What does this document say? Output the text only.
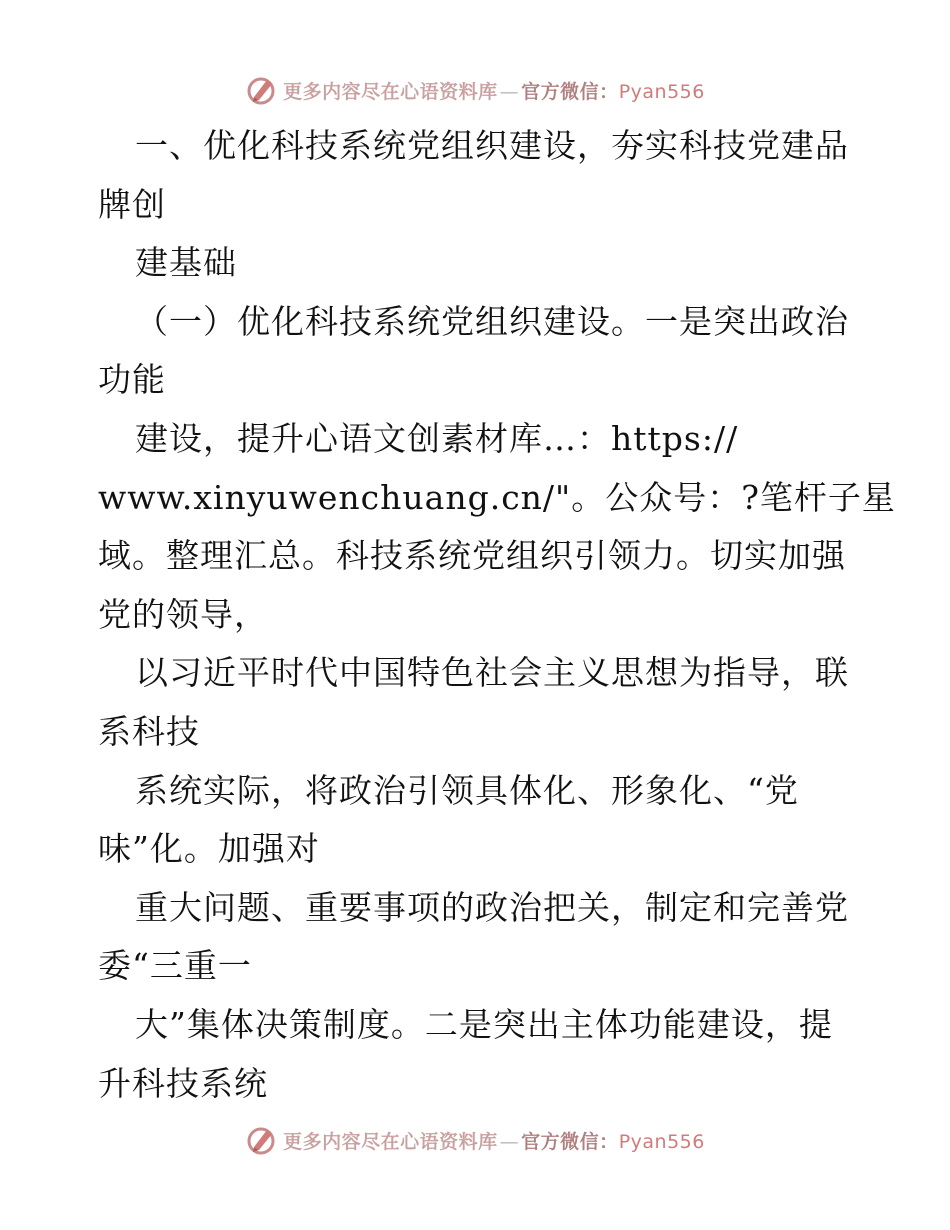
更多内容尽在心语资料库 — 官方微信：Pyan556
一、优化科技系统党组织建设，夯实科技党建品
牌创
建基础
（一）优化科技系统党组织建设。一是突出政治
功能
建设，提升心语文创素材库…：https://
www.xinyuwenchuang.cn/"。公众号：?笔杆子星
域。整理汇总。科技系统党组织引领力。切实加强
党的领导，
以习近平时代中国特色社会主义思想为指导，联
系科技
系统实际，将政治引领具体化、形象化、“党
味”化。加强对
重大问题、重要事项的政治把关，制定和完善党
委“三重一
大”集体决策制度。二是突出主体功能建设，提
升科技系统
更多内容尽在心语资料库 — 官方微信：Pyan556
